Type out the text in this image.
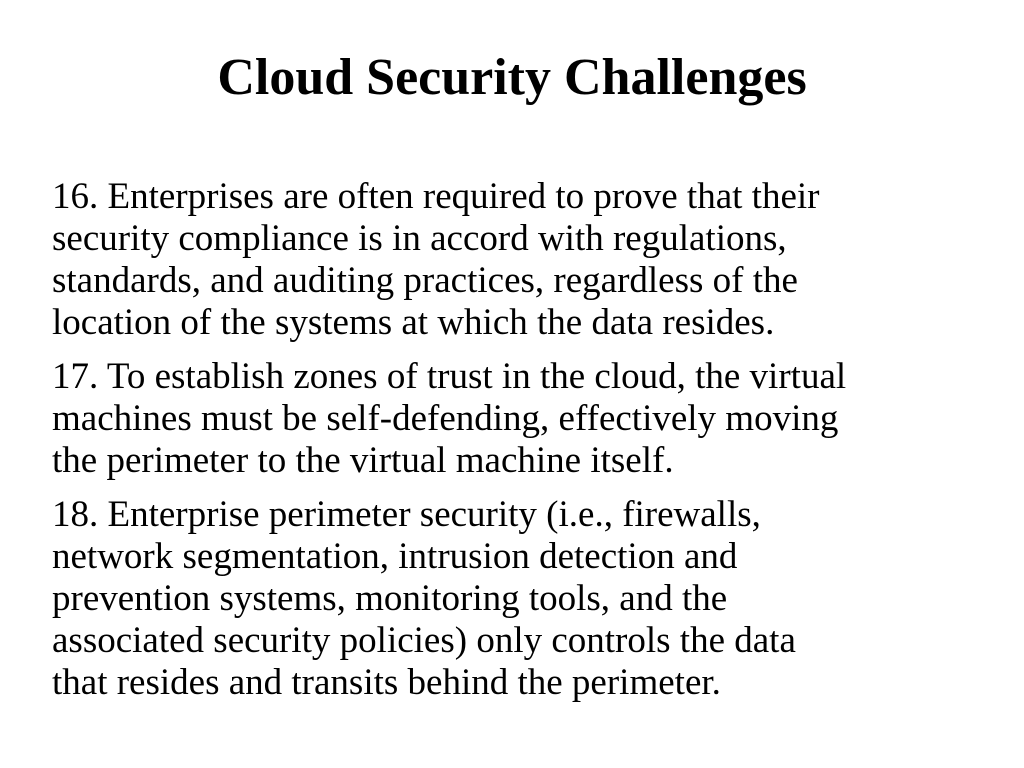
Cloud Security Challenges

16. Enterprises are often required to prove that their
security compliance is in accord with regulations,
standards, and auditing practices, regardless of the
location of the systems at which the data resides.

17. To establish zones of trust in the cloud, the virtual
machines must be self-defending, effectively moving
the perimeter to the virtual machine itself.

18. Enterprise perimeter security (i.e., firewalls,
network segmentation, intrusion detection and
prevention systems, monitoring tools, and the
associated security policies) only controls the data
that resides and transits behind the perimeter.
